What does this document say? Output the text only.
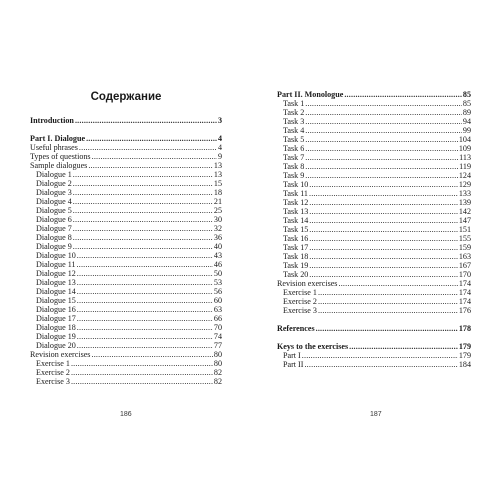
Содержание
Introduction .....	3
Part I. Dialogue .....	4
Useful phrases .....	4
Types of questions .....	9
Sample dialogues .....	13
Dialogue 1 .....	13
Dialogue 2 .....	15
Dialogue 3 .....	18
Dialogue 4 .....	21
Dialogue 5 .....	25
Dialogue 6 .....	30
Dialogue 7 .....	32
Dialogue 8 .....	36
Dialogue 9 .....	40
Dialogue 10 .....	43
Dialogue 11 .....	46
Dialogue 12 .....	50
Dialogue 13 .....	53
Dialogue 14 .....	56
Dialogue 15 .....	60
Dialogue 16 .....	63
Dialogue 17 .....	66
Dialogue 18 .....	70
Dialogue 19 .....	74
Dialogue 20 .....	77
Revision exercises .....	80
Exercise 1 .....	80
Exercise 2 .....	82
Exercise 3 .....	82
186
Part II. Monologue .....	85
Task 1 .....	85
Task 2 .....	89
Task 3 .....	94
Task 4 .....	99
Task 5 .....	104
Task 6 .....	109
Task 7 .....	113
Task 8 .....	119
Task 9 .....	124
Task 10 .....	129
Task 11 .....	133
Task 12 .....	139
Task 13 .....	142
Task 14 .....	147
Task 15 .....	151
Task 16 .....	155
Task 17 .....	159
Task 18 .....	163
Task 19 .....	167
Task 20 .....	170
Revision exercises .....	174
Exercise 1 .....	174
Exercise 2 .....	174
Exercise 3 .....	176
References .....	178
Keys to the exercises .....	179
Part I .....	179
Part II .....	184
187
